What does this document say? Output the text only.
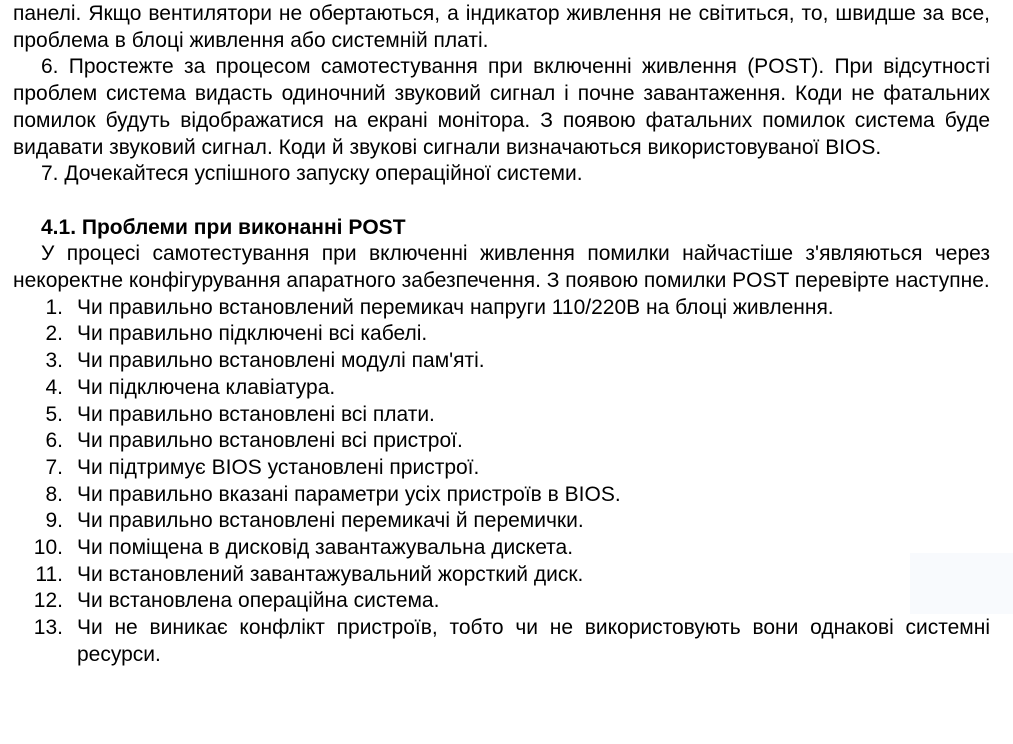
панелі. Якщо вентилятори не обертаються, а індикатор живлення не світиться, то, швидше за все, проблема в блоці живлення або системній платі.

6. Простежте за процесом самотестування при включенні живлення (POST). При відсутності проблем система видасть одиночний звуковий сигнал і почне завантаження. Коди не фатальних помилок будуть відображатися на екрані монітора. З появою фатальних помилок система буде видавати звуковий сигнал. Коди й звукові сигнали визначаються використовуваної BIOS.

7. Дочекайтеся успішного запуску операційної системи.

4.1. Проблеми при виконанні POST

У процесі самотестування при включенні живлення помилки найчастіше з'являються через некоректне конфігурування апаратного забезпечення. З появою помилки POST перевірте наступне.

1. Чи правильно встановлений перемикач напруги 110/220В на блоці живлення.
2. Чи правильно підключені всі кабелі.
3. Чи правильно встановлені модулі пам'яті.
4. Чи підключена клавіатура.
5. Чи правильно встановлені всі плати.
6. Чи правильно встановлені всі пристрої.
7. Чи підтримує BIOS установлені пристрої.
8. Чи правильно вказані параметри усіх пристроїв в BIOS.
9. Чи правильно встановлені перемикачі й перемички.
10. Чи поміщена в дисковід завантажувальна дискета.
11. Чи встановлений завантажувальний жорсткий диск.
12. Чи встановлена операційна система.
13. Чи не виникає конфлікт пристроїв, тобто чи не використовують вони однакові системні ресурси.
